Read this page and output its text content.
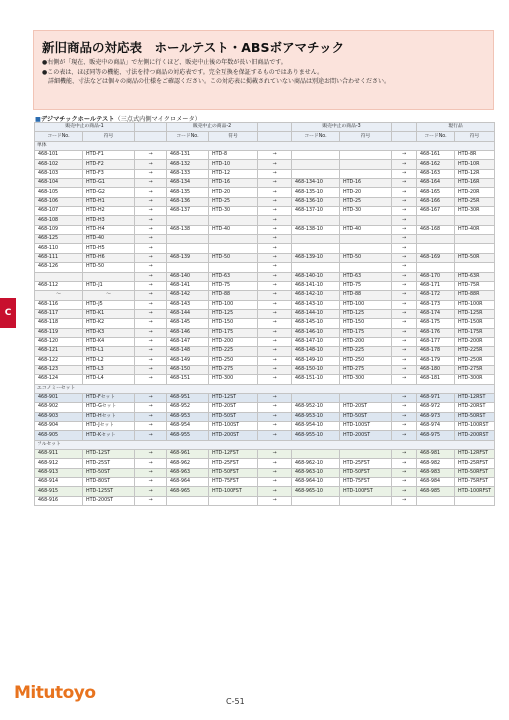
新旧商品の対応表　ホールテスト・ABSボアマチック
●右側が「現在、販売中の商品」で左側に行くほど、販売中止後の年数が長い旧商品です。
●この表は、ほぼ同等の機能、寸法を持つ商品の対応表です。完全互換を保証するものではありません。
詳細機能、寸法などは個々の商品の仕様をご確認ください。この対応表に掲載されていない商品は別途お問い合わせください。
■デジマチックホールテスト（三点式内側マイクロメータ）
販売中止の商品-1			販売中止の商品-2			販売中止の商品-3			現行品	
コードNo.	符号		コードNo.	符号		コードNo.	符号		コードNo.	符号
単体										
468-101	HTD-F1	→	468-131	HTD-8	→			→	468-161	HTD-8R
468-102	HTD-F2	→	468-132	HTD-10	→			→	468-162	HTD-10R
468-103	HTD-F3	→	468-133	HTD-12	→			→	468-163	HTD-12R
468-104	HTD-G1	→	468-134	HTD-16	→	468-134-10	HTD-16	→	468-164	HTD-16R
468-105	HTD-G2	→	468-135	HTD-20	→	468-135-10	HTD-20	→	468-165	HTD-20R
468-106	HTD-H1	→	468-136	HTD-25	→	468-136-10	HTD-25	→	468-166	HTD-25R
468-107	HTD-H2	→	468-137	HTD-30	→	468-137-10	HTD-30	→	468-167	HTD-30R
468-108	HTD-H3	→			→			→		
468-109	HTD-H4	→	468-138	HTD-40	→	468-138-10	HTD-40	→	468-168	HTD-40R
468-125	HTD-40	→			→			→		
468-110	HTD-H5	→			→			→		
468-111	HTD-H6	→	468-139	HTD-50	→	468-139-10	HTD-50	→	468-169	HTD-50R
468-126	HTD-50	→			→			→		
		→	468-140	HTD-63	→	468-140-10	HTD-63	→	468-170	HTD-63R
468-112	HTD-J1	→	468-141	HTD-75	→	468-141-10	HTD-75	→	468-171	HTD-75R
～	～	→	468-142	HTD-88	→	468-142-10	HTD-88	→	468-172	HTD-88R
468-116	HTD-J5	→	468-143	HTD-100	→	468-143-10	HTD-100	→	468-173	HTD-100R
468-117	HTD-K1	→	468-144	HTD-125	→	468-144-10	HTD-125	→	468-174	HTD-125R
468-118	HTD-K2	→	468-145	HTD-150	→	468-145-10	HTD-150	→	468-175	HTD-150R
468-119	HTD-K3	→	468-146	HTD-175	→	468-146-10	HTD-175	→	468-176	HTD-175R
468-120	HTD-K4	→	468-147	HTD-200	→	468-147-10	HTD-200	→	468-177	HTD-200R
468-121	HTD-L1	→	468-148	HTD-225	→	468-148-10	HTD-225	→	468-178	HTD-225R
468-122	HTD-L2	→	468-149	HTD-250	→	468-149-10	HTD-250	→	468-179	HTD-250R
468-123	HTD-L3	→	468-150	HTD-275	→	468-150-10	HTD-275	→	468-180	HTD-275R
468-124	HTD-L4	→	468-151	HTD-300	→	468-151-10	HTD-300	→	468-181	HTD-300R
エコノミーセット										
468-901	HTD-Fセット	→	468-951	HTD-12ST	→			→	468-971	HTD-12RST
468-902	HTD-Gセット	→	468-952	HTD-20ST	→	468-952-10	HTD-20ST	→	468-972	HTD-20RST
468-903	HTD-Hセット	→	468-953	HTD-50ST	→	468-953-10	HTD-50ST	→	468-973	HTD-50RST
468-904	HTD-Jセット	→	468-954	HTD-100ST	→	468-954-10	HTD-100ST	→	468-974	HTD-100RST
468-905	HTD-Kセット	→	468-955	HTD-200ST	→	468-955-10	HTD-200ST	→	468-975	HTD-200RST
フルセット										
468-911	HTD-12ST	→	468-961	HTD-12FST	→			→	468-981	HTD-12RFST
468-912	HTD-25ST	→	468-962	HTD-25FST	→	468-962-10	HTD-25FST	→	468-982	HTD-25RFST
468-913	HTD-50ST	→	468-963	HTD-50FST	→	468-963-10	HTD-50FST	→	468-983	HTD-50RFST
468-914	HTD-80ST	→	468-964	HTD-75FST	→	468-964-10	HTD-75FST	→	468-984	HTD-75RFST
468-915	HTD-125ST	→	468-965	HTD-100FST	→	468-965-10	HTD-100FST	→	468-985	HTD-100RFST
468-916	HTD-200ST	→			→			→		
C
Mitutoyo	C-51
